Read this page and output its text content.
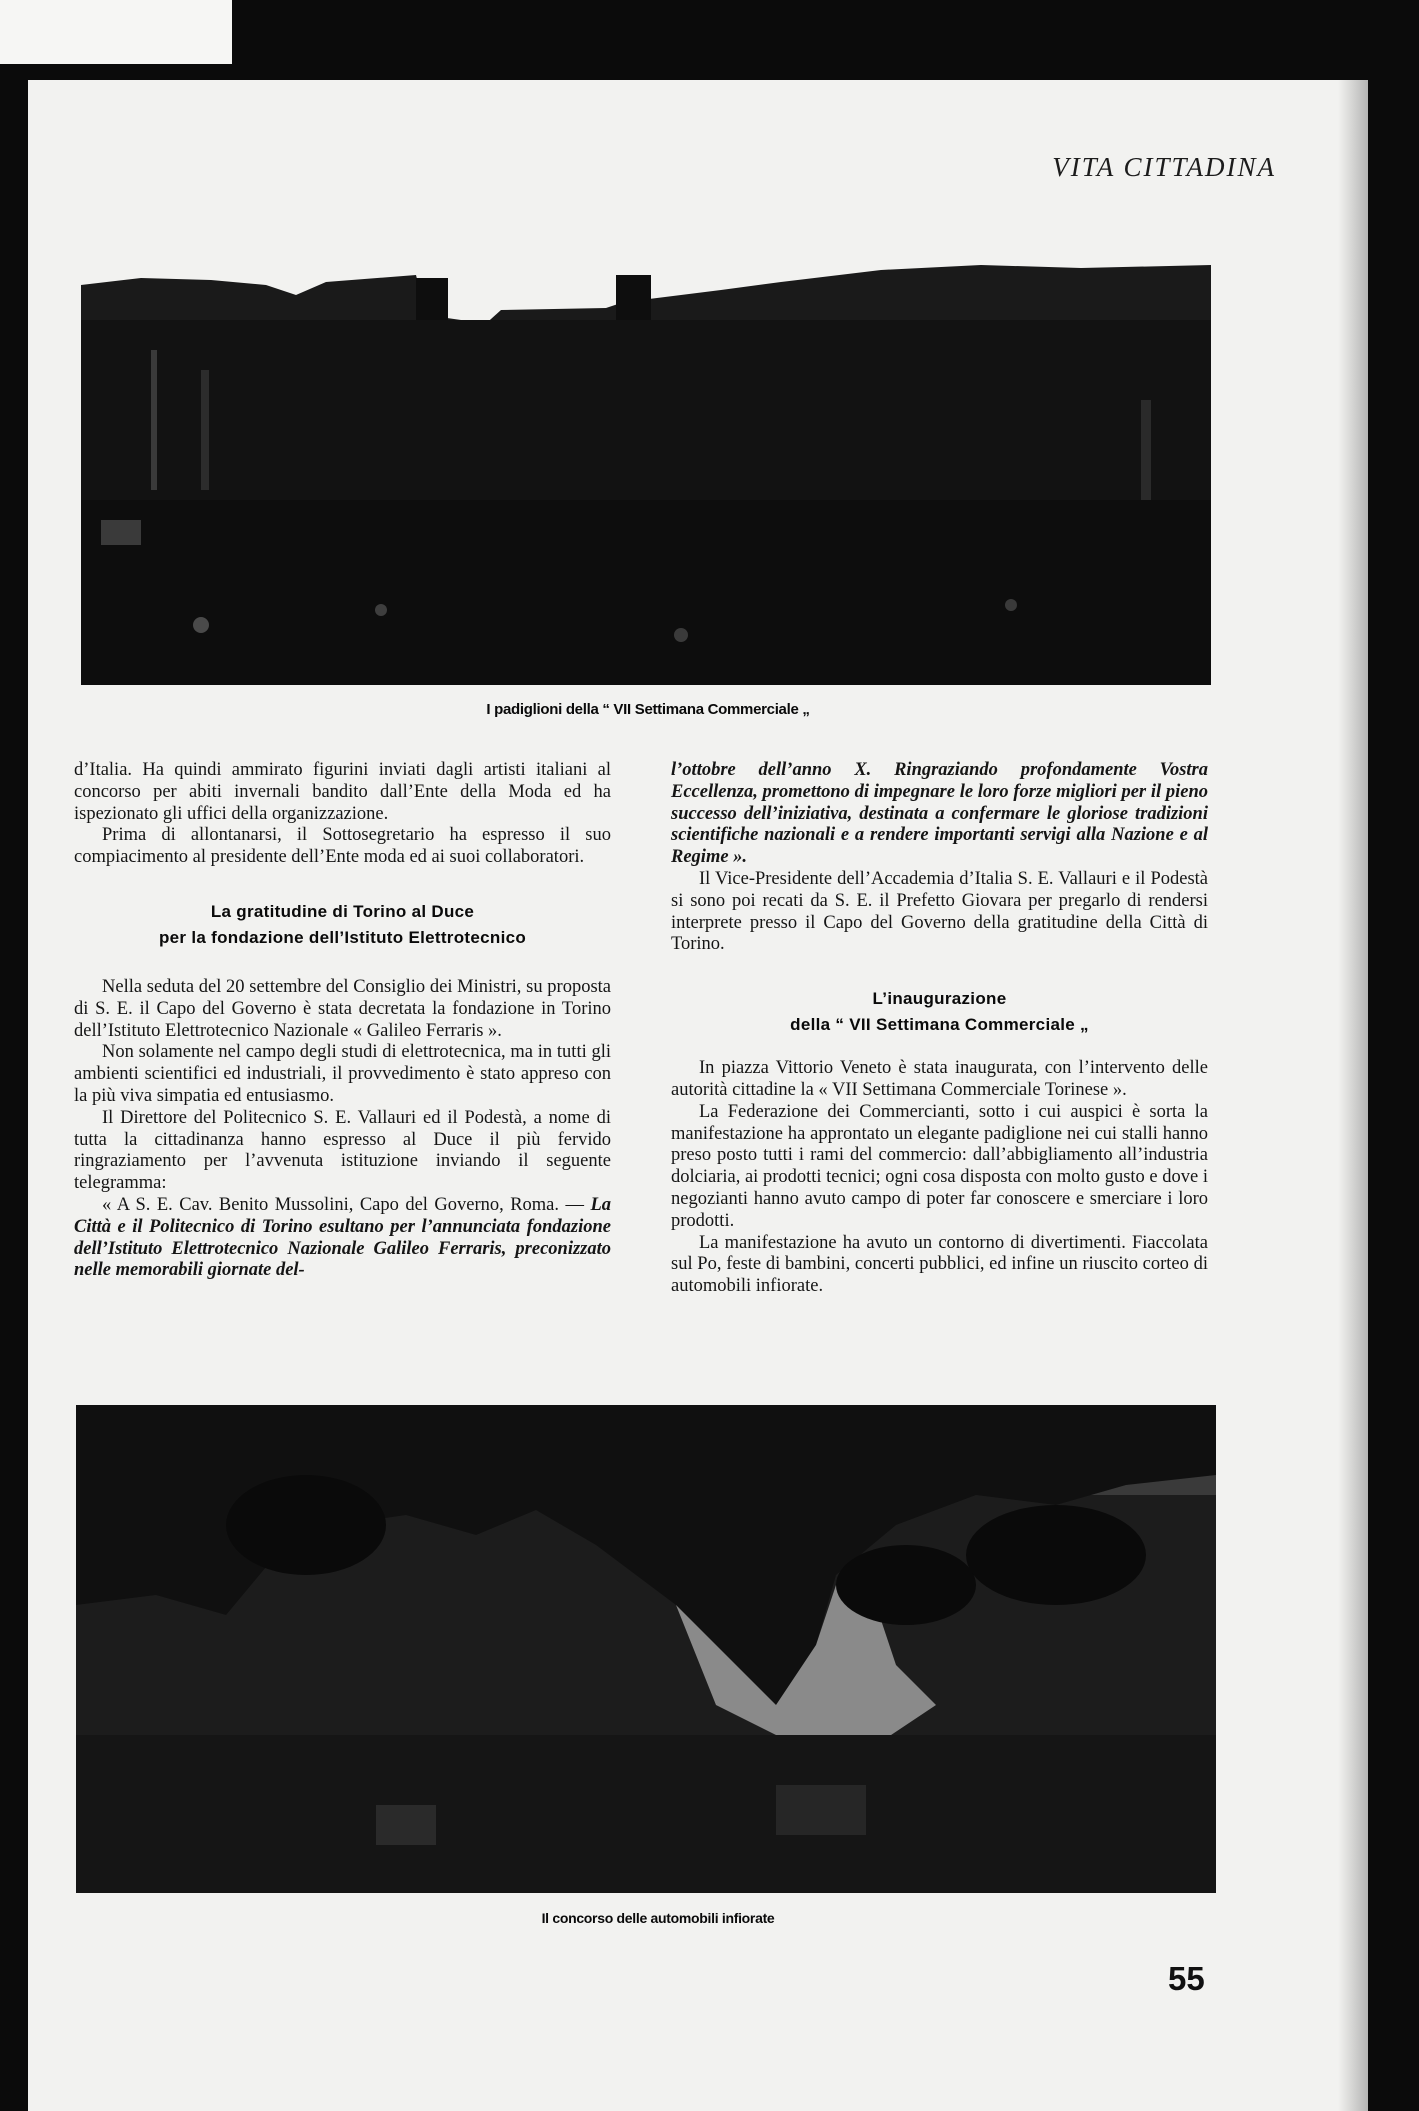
VITA CITTADINA
I padiglioni della “ VII Settimana Commerciale „

d’Italia. Ha quindi ammirato figurini inviati dagli artisti italiani al concorso per abiti invernali bandito dall’Ente della Moda ed ha ispezionato gli uffici della organizzazione.

Prima di allontanarsi, il Sottosegretario ha espresso il suo compiacimento al presidente dell’Ente moda ed ai suoi collaboratori.

La gratitudine di Torino al Duce
per la fondazione dell’Istituto Elettrotecnico

Nella seduta del 20 settembre del Consiglio dei Ministri, su proposta di S. E. il Capo del Governo è stata decretata la fondazione in Torino dell’Istituto Elettrotecnico Nazionale « Galileo Ferraris ».

Non solamente nel campo degli studi di elettrotecnica, ma in tutti gli ambienti scientifici ed industriali, il provvedimento è stato appreso con la più viva simpatia ed entusiasmo.

Il Direttore del Politecnico S. E. Vallauri ed il Podestà, a nome di tutta la cittadinanza hanno espresso al Duce il più fervido ringraziamento per l’avvenuta istituzione inviando il seguente telegramma:

« A S. E. Cav. Benito Mussolini, Capo del Governo, Roma. — La Città e il Politecnico di Torino esultano per l’annunciata fondazione dell’Istituto Elettrotecnico Nazionale Galileo Ferraris, preconizzato nelle memorabili giornate del-

l’ottobre dell’anno X. Ringraziando profondamente Vostra Eccellenza, promettono di impegnare le loro forze migliori per il pieno successo dell’iniziativa, destinata a confermare le gloriose tradizioni scientifiche nazionali e a rendere importanti servigi alla Nazione e al Regime ».

Il Vice-Presidente dell’Accademia d’Italia S. E. Vallauri e il Podestà si sono poi recati da S. E. il Prefetto Giovara per pregarlo di rendersi interprete presso il Capo del Governo della gratitudine della Città di Torino.

L’inaugurazione
della “ VII Settimana Commerciale „

In piazza Vittorio Veneto è stata inaugurata, con l’intervento delle autorità cittadine la « VII Settimana Commerciale Torinese ».

La Federazione dei Commercianti, sotto i cui auspici è sorta la manifestazione ha approntato un elegante padiglione nei cui stalli hanno preso posto tutti i rami del commercio: dall’abbigliamento all’industria dolciaria, ai prodotti tecnici; ogni cosa disposta con molto gusto e dove i negozianti hanno avuto campo di poter far conoscere e smerciare i loro prodotti.

La manifestazione ha avuto un contorno di divertimenti. Fiaccolata sul Po, feste di bambini, concerti pubblici, ed infine un riuscito corteo di automobili infiorate.

Il concorso delle automobili infiorate
55
